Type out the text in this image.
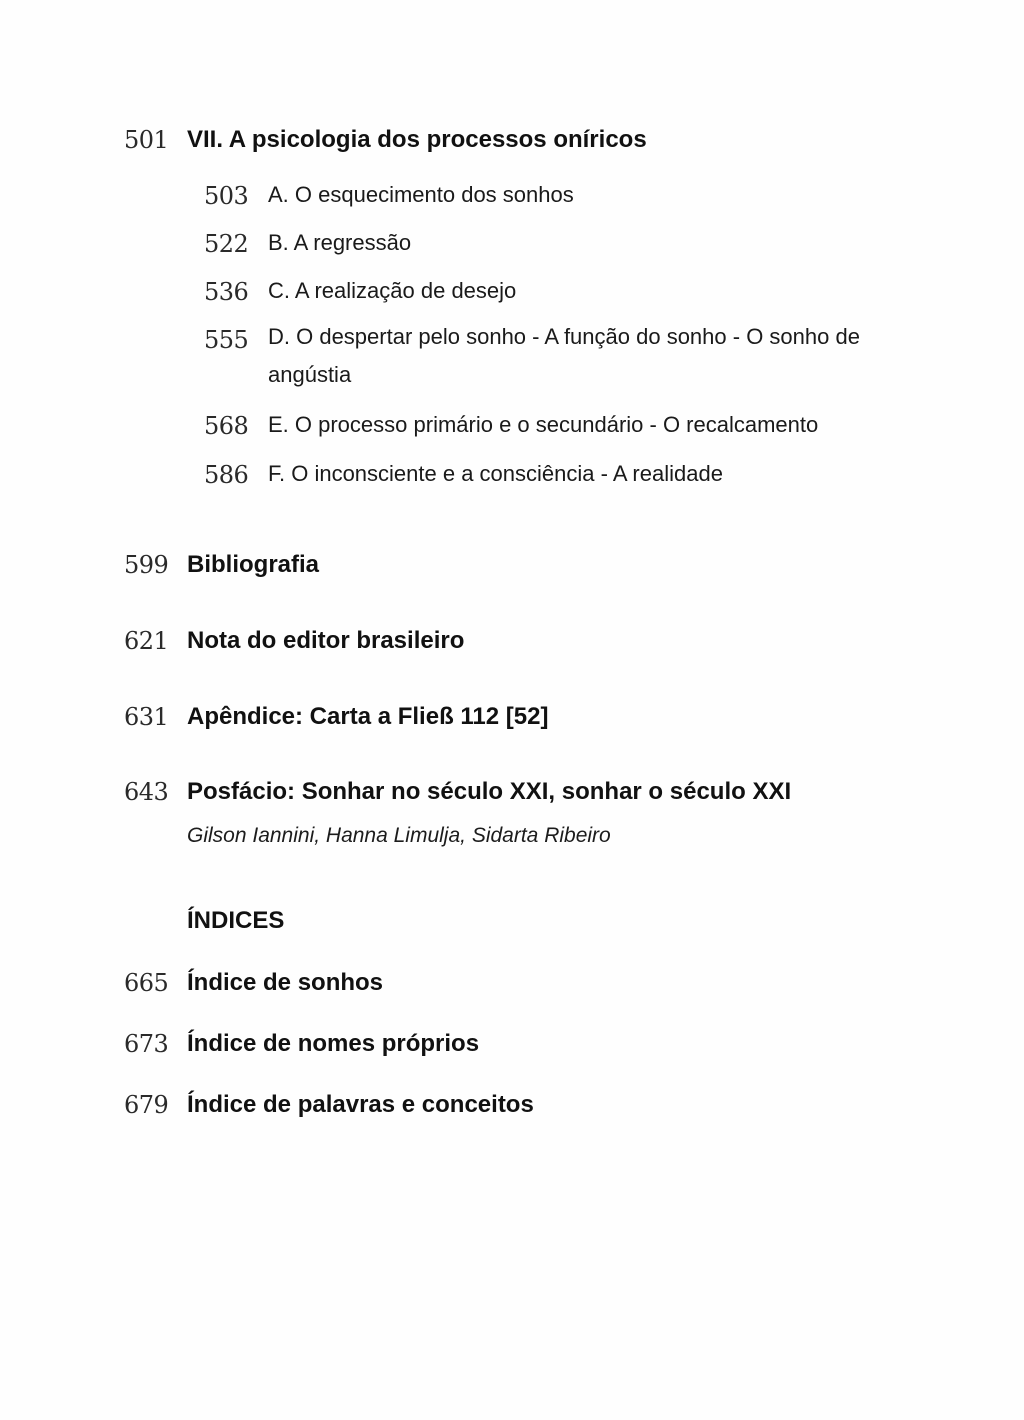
501 VII. A psicologia dos processos oníricos
503 A. O esquecimento dos sonhos
522 B. A regressão
536 C. A realização de desejo
555 D. O despertar pelo sonho - A função do sonho - O sonho de angústia
568 E. O processo primário e o secundário - O recalcamento
586 F. O inconsciente e a consciência - A realidade
599 Bibliografia
621 Nota do editor brasileiro
631 Apêndice: Carta a Fließ 112 [52]
643 Posfácio: Sonhar no século XXI, sonhar o século XXI
Gilson Iannini, Hanna Limulja, Sidarta Ribeiro
ÍNDICES
665 Índice de sonhos
673 Índice de nomes próprios
679 Índice de palavras e conceitos
